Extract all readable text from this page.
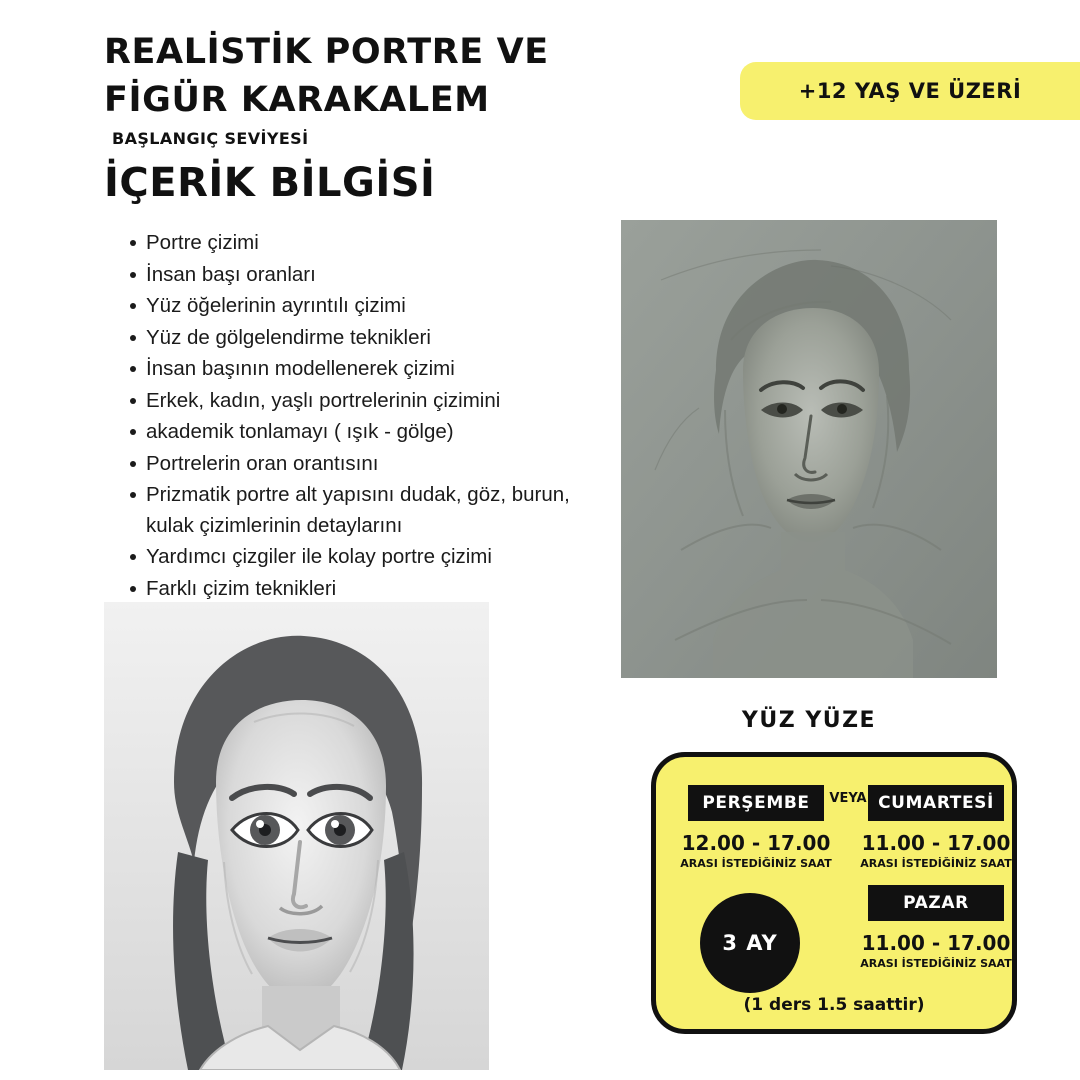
REALİSTİK PORTRE VE FİGÜR KARAKALEM
BAŞLANGIÇ SEVİYESİ
+12 YAŞ VE ÜZERİ
İÇERİK BİLGİSİ
Portre çizimi
İnsan başı oranları
Yüz öğelerinin ayrıntılı çizimi
Yüz de gölgelendirme teknikleri
İnsan başının modellenerek çizimi
Erkek, kadın, yaşlı portrelerinin çizimini
akademik tonlamayı ( ışık - gölge)
Portrelerin oran orantısını
Prizmatik portre alt yapısını dudak, göz, burun, kulak çizimlerinin detaylarını
Yardımcı çizgiler ile kolay portre çizimi
Farklı çizim teknikleri
YÜZ YÜZE
PERŞEMBE	VEYA CUMARTESİ
12.00 - 17.00
ARASI İSTEDİĞİNİZ SAAT
11.00 - 17.00
ARASI İSTEDİĞİNİZ SAAT
PAZAR
11.00 - 17.00
ARASI İSTEDİĞİNİZ SAAT
3 AY
(1 ders 1.5 saattir)
